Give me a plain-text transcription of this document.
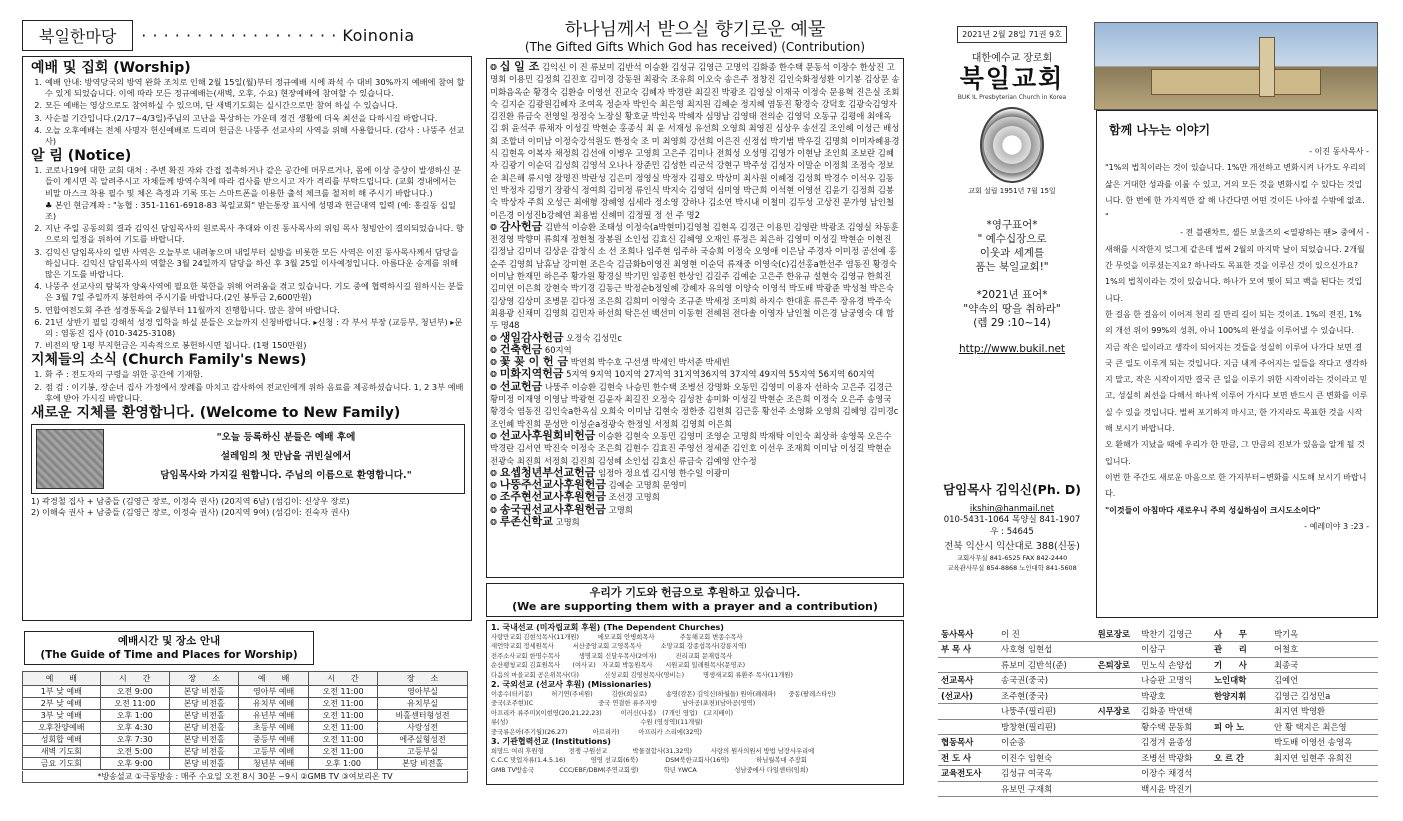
북일한마당	· · · · · · · · · · · · · · · · · · Koinonia
예배 및 집회 (Worship)
1. 예배 안내: 방역당국의 방역 완화 조치로 인해 2월 15일(월)부터 정규예배 시에 좌석 수 대비 30%까지 예배에 참여 할 수 있게 되었습니다. 이에 따라 모든 정규예배는(새벽, 오후, 수요) 현장예배에 참여할 수 있습니다.
2. 모든 예배는 영상으로도 참여하실 수 있으며, 단 새벽기도회는 실시간으로만 참여 하실 수 있습니다.
3. 사순절 기간입니다.(2/17~4/3일)주님의 고난을 묵상하는 가운데 경건 생활에 더욱 최선을 다하시길 바랍니다.
4. 오늘 오후예배는 전체 사명자 헌신예배로 드리며 헌금은 나뚱주 선교사의 사역을 위해 사용합니다. (감사 : 나뚱주 선교사)
알 림 (Notice)
1. 코로나19에 대한 교회 대처 : 주변 확진 자와 간접 접촉하거나 같은 공간에 머무르거나, 몸에 이상 증상이 발생하신 분들이 계시면 꼭 알려주시고 자체들께 방역수칙에 따라 검사를 받으시고 자가 격리를 부탁드립니다. (교회 경내에서는 비말 마스크 착용 필수 및 체온 측정과 기록 또는 스마트폰을 이용한 출석 체크를 철저히 해 주시기 바랍니다.)
♣ 본인 현금계좌 : "농협 : 351-1161-6918-83 북일교회" 받는통장 표시에 성명과 헌금내역 입력 (예: 홍길동 십일조)
2. 지난 주일 공동의회 결과 김익신 담임목사의 원로목사 추대와 이진 동사목사의 위임 목사 청빙안이 결의되었습니다. 향으로의 일정을 위하여 기도를 바랍니다.
3. 김익신 담임목사의 일반 사역은 오늘부로 내려놓으며 내일부터 실방을 비롯한 모든 사역은 이진 동사목사께서 담당을 하십니다. 김익신 담임목사의 역할은 3월 24일까지 담당을 하신 후 3월 25일 이사예정입니다. 아름다운 승계를 위해 많은 기도를 바랍니다.
4. 나뚱주 선교사의 탐북자 양육사역에 필요한 북한을 위해 어려움을 겪고 있습니다. 기도 중에 협력하시길 원하시는 분들은 3월 7일 주일까지 봉헌하여 주시기를 바랍니다.(2인 봉투금 2,600만원)
5. 연합여전도회 주관 성경통독을 2월부터 11월까지 진행합니다. 많은 참여 바랍니다.
6. 21년 상반기 필일 강해석 성경 입학을 하실 분들은 오늘까지 신청바랍니다. ▸신청 : 각 부서 부장 (교등부, 청년부) ▸문의 : 염동진 집사 (010-3425-3108)
7. 비전의 땅 1평 부지헌금은 지속적으로 봉헌하시면 됩니다. (1평 150만원)
지체들의 소식 (Church Family's News)
1. 화 주 : 전도자의 구령을 위한 공간에 기재함.
2. 점 검 : 이기봉, 장순녀 집사 가정에서 장례를 마치고 감사하여 전교인에게 위하 음료를 제공하셨습니다. 1, 2 3부 예배 후에 받아 가시길 바랍니다.
새로운 지체를 환영합니다. (Welcome to New Family)
"오늘 등록하신 분들은 예배 후에
설레임의 첫 만남을 귀빈실에서
담임목사와 가지길 원합니다. 주님의 이름으로 환영합니다."
1) 곽경철 집사 + 남중들 (김영근 장로, 이정숙 권사) (20지역 6남) (섬김이: 신상우 장로)
2) 이해숙 권사 + 남중들 (김영근 장로, 이정숙 권사) (20지역 9여) (섬김이: 진숙자 권사)
예배시간 및 장소 안내
(The Guide of Time and Places for Worship)
예　　배	시　　간	장　　소	예　　배	시　　간	장　　소
1부 낮 예배	오전 9:00	본당 비전홀	영아부 예배	오전 11:00	영아부실
2부 낮 예배	오전 11:00	본당 비전홀	유치부 예배	오전 11:00	유치부실
3부 낮 예배	오후 1:00	본당 비전홀	유년부 예배	오전 11:00	비홀센터형성전
오후찬양예배	오후 4:30	본당 비전홀	초등부 예배	오전 11:00	사랑성전
성회합 예배	오후 7:30	본당 비전홀	중등부 예배	오전 11:00	에주실형성전
새벽 기도회	오전 5:00	본당 비전홀	고등부 예배	오전 11:00	고등부실
금요 기도회	오후 9:00	본당 비전홀	청년부 예배	오후 1:00	본당 비전홀
*방송설교 ①극동방송 : 매주 수요일 오전 8시 30분 ~9시 ②GMB TV ③여보리온 TV
하나님께서 받으실 향기로운 예물
(The Gifted Gifts Which God has received) (Contribution)
❂ 십 일 조 김익신 이 진 류보미 김반석 이승환 김성규 김영근 고명익 김화종 한수택 문동석 이장수 한상진 고명회 이용민 김정희 김진호 김미경 강동원 최광숙 조유희 이오숙 송은주 정창진 김인숙화정성환 이기봉 김상문 송미화음옥순 황경숙 김환승 이영선 진교숙 김혜자 박경란 최길진 박광조 김영실 이재국 이정숙 문용혁 진은실 조회숙 김지순 김광원김혜자 조여옥 정순자 박인숙 최은영 최지원 김혜순 정지혜 염동진 황경숙 강덕호 김광숙김영자 김진환 류금숙 전영일 정정숙 노장실 황호균 박인옥 박혜자 심명남 김영태 전의순 김영덕 오동규 김평애 최애옥 김 휘 윤석주 류채자 이성길 박현순 홍종식 최 윤 서재성 유선희 오영희 최영진 심상우 송선길 조인혜 이성근 배성희 조할녀 이미남 이정숙강석원도 한정숙 조 미 최영희 강선희 이은진 신정섭 박기범 박우길 김명희 이미자혜용경식 김현옥 이복자 채정희 김선애 이병우 고영희 고은주 김미나 전희성 오성명 김영가 이현남 조인희 조보란 김혜자 김광기 이순덕 김성희 김영석 오나나 장준민 김성한 리군석 강현구 박주성 김성자 이말순 이정희 조정숙 정보순 최은해 류시영 장명진 박란성 김은미 정영실 박정자 김평오 박상미 최사원 이혜정 김성희 박경수 이석우 김동인 박정자 김명기 장광식 정여희 김미정 류인식 박지숙 김영덕 심미영 박근희 이석현 이영선 김윤기 김정희 김봉숙 박상자 주희 오성근 최애형 장혜영 심세라 정소영 강하나 김소연 박시내 이철미 김두성 고상진 문가영 남인철 이은경 이성진b강혜연 최용범 신혜미 김정필 정 선 주 명2
❂ 감사헌금 김반석 이승환 조태성 이정숙(a박현미)김영철 김현옥 김경근 이용민 김영란 박광조 김영실 차동훈 전경영 박향미 류희재 정현철 장봉원 소인섭 김효신 김혜영 오재인 류정은 최은하 김영미 이성길 박현순 이현진 김정남 김미녀 김상운 감창식 소 선 조희나 임주현 임주하 국승희 이정숙 오영애 이은남 주경자 이미정 공선예 홍순주 김영희 남휴남 강미현 조은숙 김금화b이영진 최영현 이순덕 류재중 이영숙(c)김선홍a한선주 염동진 황경숙 이미남 한재민 하은주 황가원 황경실 박기민 임종헌 한상인 김길주 김예순 고은주 한유규 설현숙 김영규 한희진 김미연 이은희 강현숙 박기경 김동근 박정순b정일혜 강혜자 유의영 이양숙 이영석 박도배 박광준 박성철 박은숙 김상영 김상미 조병문 김다정 조은희 김희미 이영숙 조규준 박세정 조미희 하지수 한대훈 류은주 장유경 박주숙 최용광 신채미 김영희 김민자 하선희 탁은선 백선미 이동현 전혜원 전다솔 이영자 남인철 이은경 남궁영숙 대 함 두 명48
❂ 생일감사헌금 오정숙 김성민c
❂ 건축헌금 60지역
❂ 꽃 꽂 이 헌 금 박연희 박수호 구선생 박세인 박서준 박세빈
❂ 미화지역헌금 5지역 9지역 10지역 27지역 31지역36지역 37지역 49지역 55지역 56지역 60지역
❂ 선교헌금 나뚱주 이승환 김현숙 나승민 한수택 조병선 강명화 오동민 김영미 이용자 선하숙 고은주 김경근 황미정 이재영 이영남 박광현 김윤자 최길진 오정숙 김성찬 송미화 이성길 박현순 조은희 이정숙 오은주 송영국 황경숙 염동진 김인숙a한옥심 오희숙 이미남 김현숙 정한중 김현희 김근홍 황선주 소영화 오영희 김혜영 김미경c조인혜 박진희 문성만 이성순a정광숙 한정일 서정희 김영희 이은희
❂ 선교사후원회비헌금 이승환 김현숙 오동민 김영미 조영순 고명희 박재탁 이인숙 최상하 송영목 오은수 박경란 김서연 박진숙 이정숙 조은희 김현수 김효진 주영선 정세준 김인호 이선우 조재희 이미남 이성길 박현순 전광숙 최진희 서정희 김진희 김성혜 소인섭 김효신 류금숙 김예영 안수정
❂ 요셉청년부선교헌금 임정아 정요셉 김시영 한수일 이광미
❂ 나뚱주선교사후원헌금 김예순 고명희 문영미
❂ 조주현선교사후원헌금 조선경 고명희
❂ 송국권선교사후원헌금 고명희
❂ 루존신학교 고명희
우리가 기도와 헌금으로 후원하고 있습니다.
(We are supporting them with a prayer and a contribution)
1. 국내선교 (미자립교회 후원) (The Dependent Churches)
사랑만교회 김현석목사(11개원)　　　에모교회 안병희목사　　　　주동해교회 변종수목사
새언약교회 정세원목사　　　서산중앙교회 고영복목사　　　소망교회 강종섭목사(강릉지역)
전주소사교회 한명수목사　　　생명교회 신달우목사(2여자)　　　진리교회 문재림목사
순산팽청교회 김효원목사　　(여사교)　자교회 박동원목사　　시원교회 일래원목사(문영조)
다음의 마을교회 공은위목사(다)　　　　신성교회 김영천목사(영비는)　　　명생새교회 류환주 목사(11개원)
2. 국외선교 (선교사 후원) (Missionaries)
이종수(터키몽)　　　허기연(주비원)　　　김한(희실로)　　　송영(캄몬) 김익신(하월들) 원아(쾌레파)　　중동(팔레스타인)
중국(조주현)(C　　　　　　　　　　 중국 연결한 류주지방　　　　남아공(포천)(남아공(영역)
아프리카 류주미)(이현영(20,21,22,23)　　　이러신(나봉)　(7개인 영업)　(고지배이)
류(성)　　　　　　　　　　　　　　　　　　　　　수원 (영성역)(11개월)
중국류은아(주기월)(26.27)　　　　아르리카)　　　아프리카 스리에(32역)
3. 기관협력선교 (Institutions)
희망드 여리 후원형　　　　전쟁 구원선교　　　　박물결합사(31,32역)　　　사랑의 원사의원서 방법 남장사우리에
C.C.C 맞업자류(1.4.5.16)　　　　염영 선교회(6북)　　　　 DSM북한교회사(16역)　　　　 하님월복대 주장회
GMB TV방송국　　　　CCC/EBF/DBM(주연교회생)　　　　학년 YWCA　　　　　　성남중에사 다일센터(임희)
2021년 2월 28일 71권 9호
대한예수교 장로회
북일교회
BUK IL Presbyterian Church in Korea
교회 설립 1951년 7월 15일
*영구표어*
" 예수십장으로
이웃과 세계를
품는 북일교회!"
*2021년 표어*
"약속의 땅을 취하라"
(렘 29 :10~14)
http://www.bukil.net
담임목사 김익신(Ph. D)
ikshin@hanmail.net
010-5431-1064 목양실 841-1907
우 : 54645
전북 익산시 익산대로 388(신동)
교회사무실 841-6525 FAX 842-2440
교육관사무실 854-8868 노인대학 841-5608
함께 나누는 이야기
- 이진 동사목사 -
"1%의 법칙이라는 것이 있습니다. 1%만 개선하고 변화시켜 나가도 우리의 삶은 거대한 성과를 이룰 수 있고, 거의 모든 것을 변화시킬 수 있다는 것입니다. 한 번에 한 가지씩만 잘 해 나간다면 어떤 것이든 나아질 수밖에 없죠. "
- 전 블랜차트, 셸든 보울즈의 <열광하는 팬> 중에서 -
새해를 시작한지 엊그제 같은데 벌써 2월의 마지막 날이 되었습니다. 2개월간 무엇을 이루셨는지요? 하나라도 목표한 것을 이루신 것이 있으신가요?
1%의 법칙이라는 것이 있습니다. 하나가 모여 몇이 되고 백을 된다는 것입니다.
한 걸음 한 걸음이 이어져 천리 길 만리 길이 되는 것이죠. 1%의 전진, 1%의 개선 위이 99%의 성취, 아니 100%의 완성을 이루어낼 수 있습니다.
지금 작은 일이라고 생각이 되어지는 것들을 성실히 이루어 나가다 보면 결국 큰 일도 이루게 되는 것입니다. 지금 내게 주어지는 일들을 작다고 생각하지 말고, 작은 시작이지만 결국 큰 일을 이루기 위한 시작이라는 것이라고 믿고, 성실히 최선을 다해서 하나씩 이루어 가시다 보면 반드시 큰 변화를 이루실 수 있을 것입니다. 벌써 포기하지 마시고, 한 가지라도 목표한 것을 시작해 보시기 바랍니다.
오 환해가 지났을 때에 우리가 한 만큼, 그 만큼의 진보가 있음을 알게 될 것입니다.
이번 한 주간도 새로운 마음으로 한 가지부터~변화를 시도해 보시기 바랍니다.
"이것들이 아침마다 새로우니 주의 성실하심이 크시도소이다"
- 예레미야 3 :23 -
동사목사	이 진	원로장로	박찬기 김영근	사　　무	박기옥
부 목 사	사호형 임현섭		이삼구	관　　리	어철호
	류보미 김반석(준)	은퇴장로	민노식 손양섭	기　　사	최종국
선교목사	송국권(중국)		나승판 고명익	노인대학	김예언
(선교사)	조주현(중국)		박광호	한양지휘	김영근 김성민a
	나뚱주(필리핀)	시무장로	김화종 박연택		최지연 박영환
	방창현(필리핀)		황수택 문동희	피 아 노	안 황 택지은 최은영
협동목사	이순종		김정겨 윤종성		박도배 이영선 송영옥
전 도 사	이진수 임현숙		조병선 박광화	오 르 간	최지연 임현주 유희진
교육전도사	김성규 여국옥		이장수 채경석		
	유보민 구재희		백시윤 박진기		
